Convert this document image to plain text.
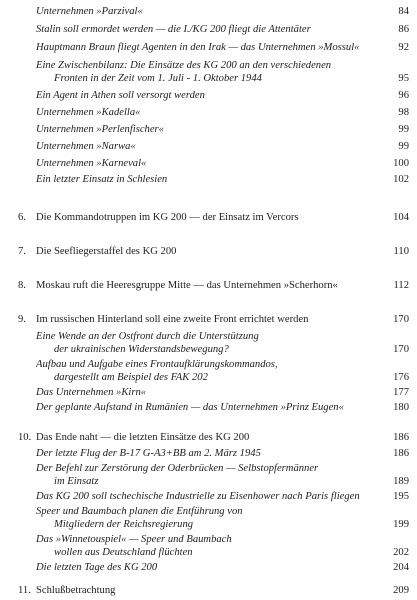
Unternehmen »Parzival«	84
Stalin soll ermordet werden — die I./KG 200 fliegt die Attentäter	86
Hauptmann Braun fliegt Agenten in den Irak — das Unternehmen »Mossul«	92
Eine Zwischenbilanz: Die Einsätze des KG 200 an den verschiedenen
Fronten in der Zeit vom 1. Juli - 1. Oktober 1944	95
Ein Agent in Athen soll versorgt werden	96
Unternehmen »Kadella«	98
Unternehmen »Perlenfischer«	99
Unternehmen »Narwa«	99
Unternehmen »Karneval«	100
Ein letzter Einsatz in Schlesien	102
6. Die Kommandotruppen im KG 200 — der Einsatz im Vercors	104
7. Die Seefliegerstaffel des KG 200	110
8. Moskau ruft die Heeresgruppe Mitte — das Unternehmen »Scherhorn«	112
9. Im russischen Hinterland soll eine zweite Front errichtet werden	170
Eine Wende an der Ostfront durch die Unterstützung
der ukrainischen Widerstandsbewegung?	170
Aufbau und Aufgabe eines Frontaufklärungskommandos,
dargestellt am Beispiel des FAK 202	176
Das Unternehmen »Kirn«	177
Der geplante Aufstand in Rumänien — das Unternehmen »Prinz Eugen«	180
10. Das Ende naht — die letzten Einsätze des KG 200	186
Der letzte Flug der B-17 G-A3+BB am 2. März 1945	186
Der Befehl zur Zerstörung der Oderbrücken — Selbstopfermänner
im Einsatz	189
Das KG 200 soll tschechische Industrielle zu Eisenhower nach Paris fliegen	195
Speer und Baumbach planen die Entführung von
Mitgliedern der Reichsregierung	199
Das »Winnetouspiel« — Speer und Baumbach
wollen aus Deutschland flüchten	202
Die letzten Tage des KG 200	204
11. Schlußbetrachtung	209
